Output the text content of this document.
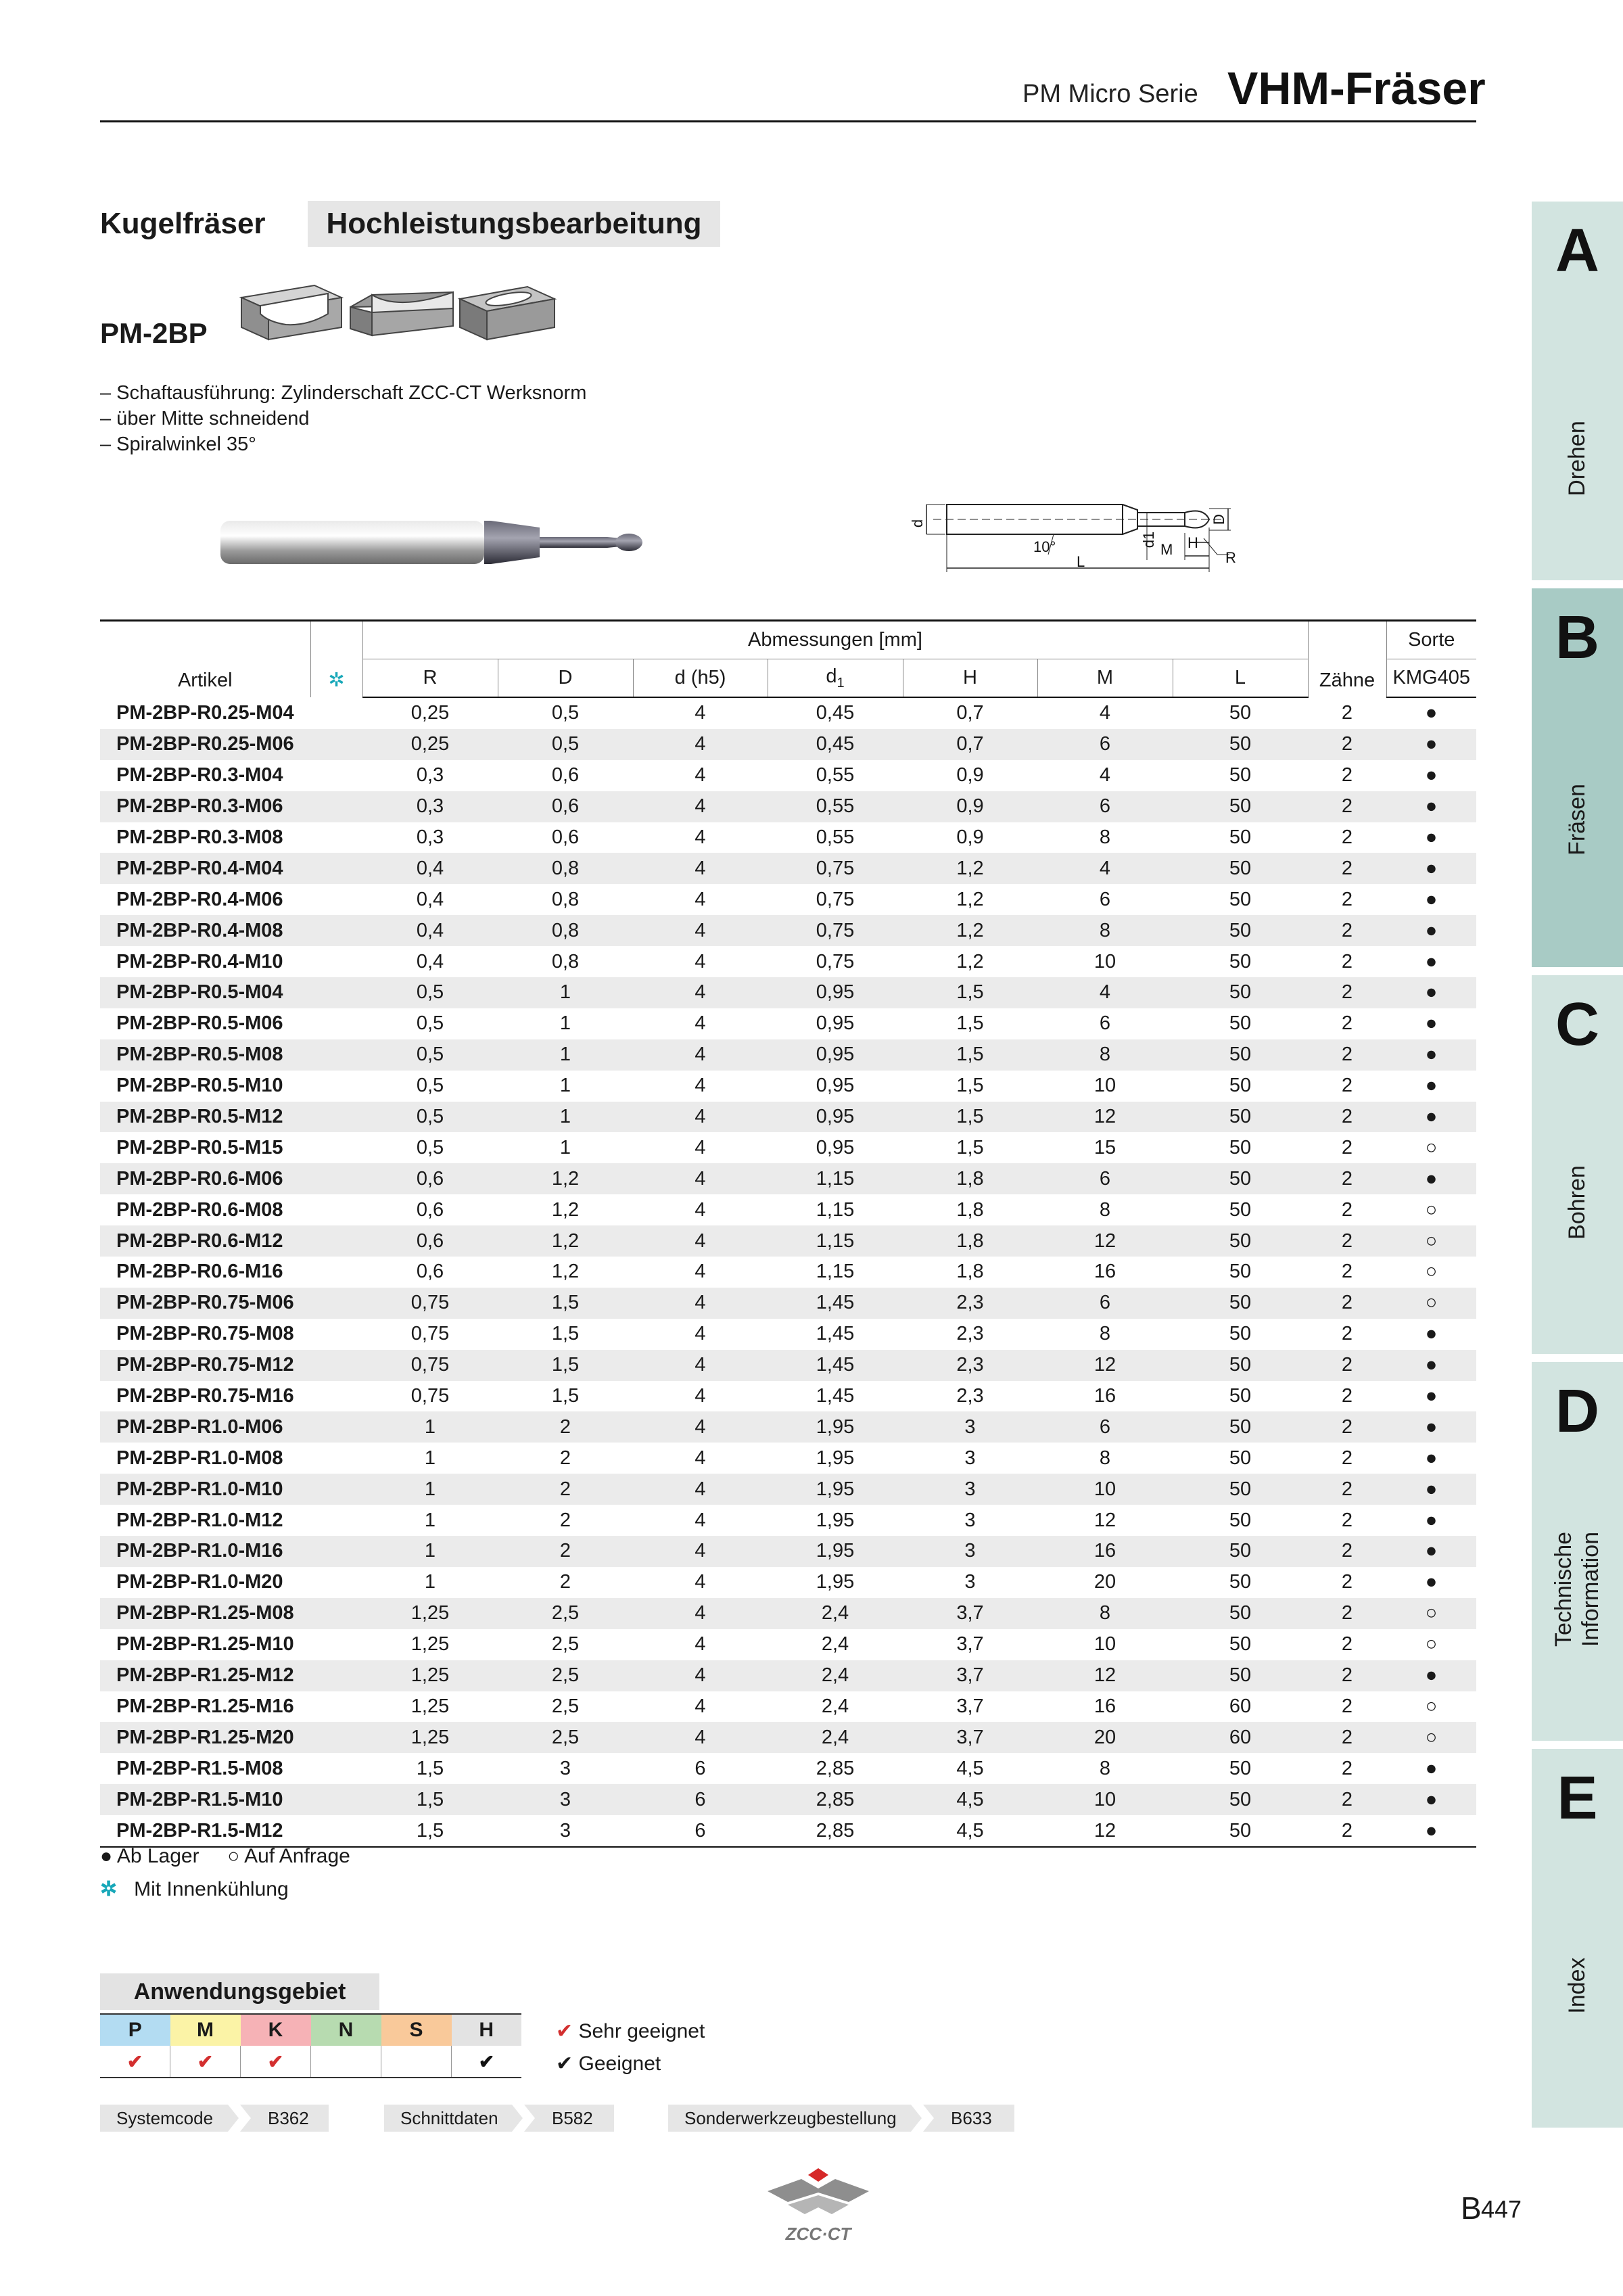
PM Micro Serie VHM-Fräser
Kugelfräser	Hochleistungsbearbeitung
PM-2BP
– Schaftausführung: Zylinderschaft ZCC-CT Werksnorm
– über Mitte schneidend
– Spiralwinkel 35°
d
10°
L
d1
M H
D
R
Artikel	✲	Abmessungen [mm]							Zähne	Sorte
		R	D	d (h5)	$d_1$	H	M	L		KMG405
PM-2BP-R0.25-M04		0,25	0,5	4	0,45	0,7	4	50	2	●
PM-2BP-R0.25-M06		0,25	0,5	4	0,45	0,7	6	50	2	●
PM-2BP-R0.3-M04		0,3	0,6	4	0,55	0,9	4	50	2	●
PM-2BP-R0.3-M06		0,3	0,6	4	0,55	0,9	6	50	2	●
PM-2BP-R0.3-M08		0,3	0,6	4	0,55	0,9	8	50	2	●
PM-2BP-R0.4-M04		0,4	0,8	4	0,75	1,2	4	50	2	●
PM-2BP-R0.4-M06		0,4	0,8	4	0,75	1,2	6	50	2	●
PM-2BP-R0.4-M08		0,4	0,8	4	0,75	1,2	8	50	2	●
PM-2BP-R0.4-M10		0,4	0,8	4	0,75	1,2	10	50	2	●
PM-2BP-R0.5-M04		0,5	1	4	0,95	1,5	4	50	2	●
PM-2BP-R0.5-M06		0,5	1	4	0,95	1,5	6	50	2	●
PM-2BP-R0.5-M08		0,5	1	4	0,95	1,5	8	50	2	●
PM-2BP-R0.5-M10		0,5	1	4	0,95	1,5	10	50	2	●
PM-2BP-R0.5-M12		0,5	1	4	0,95	1,5	12	50	2	●
PM-2BP-R0.5-M15		0,5	1	4	0,95	1,5	15	50	2	○
PM-2BP-R0.6-M06		0,6	1,2	4	1,15	1,8	6	50	2	●
PM-2BP-R0.6-M08		0,6	1,2	4	1,15	1,8	8	50	2	○
PM-2BP-R0.6-M12		0,6	1,2	4	1,15	1,8	12	50	2	○
PM-2BP-R0.6-M16		0,6	1,2	4	1,15	1,8	16	50	2	○
PM-2BP-R0.75-M06		0,75	1,5	4	1,45	2,3	6	50	2	○
PM-2BP-R0.75-M08		0,75	1,5	4	1,45	2,3	8	50	2	●
PM-2BP-R0.75-M12		0,75	1,5	4	1,45	2,3	12	50	2	●
PM-2BP-R0.75-M16		0,75	1,5	4	1,45	2,3	16	50	2	●
PM-2BP-R1.0-M06		1	2	4	1,95	3	6	50	2	●
PM-2BP-R1.0-M08		1	2	4	1,95	3	8	50	2	●
PM-2BP-R1.0-M10		1	2	4	1,95	3	10	50	2	●
PM-2BP-R1.0-M12		1	2	4	1,95	3	12	50	2	●
PM-2BP-R1.0-M16		1	2	4	1,95	3	16	50	2	●
PM-2BP-R1.0-M20		1	2	4	1,95	3	20	50	2	●
PM-2BP-R1.25-M08		1,25	2,5	4	2,4	3,7	8	50	2	○
PM-2BP-R1.25-M10		1,25	2,5	4	2,4	3,7	10	50	2	○
PM-2BP-R1.25-M12		1,25	2,5	4	2,4	3,7	12	50	2	●
PM-2BP-R1.25-M16		1,25	2,5	4	2,4	3,7	16	60	2	○
PM-2BP-R1.25-M20		1,25	2,5	4	2,4	3,7	20	60	2	○
PM-2BP-R1.5-M08		1,5	3	6	2,85	4,5	8	50	2	●
PM-2BP-R1.5-M10		1,5	3	6	2,85	4,5	10	50	2	●
PM-2BP-R1.5-M12		1,5	3	6	2,85	4,5	12	50	2	●
● Ab Lager ○ Auf Anfrage
✲ Mit Innenkühlung
Anwendungsgebiet
P	M	K	N	S	H
✔	✔	✔			✔
✔ Sehr geeignet
✔ Geeignet
Systemcode	B362	Schnittdaten	B582	Sonderwerkzeugbestellung	B633
ZCC·CT
B 447
A
Drehen
B
Fräsen
C
Bohren
D
Technische
Information
E
Index
